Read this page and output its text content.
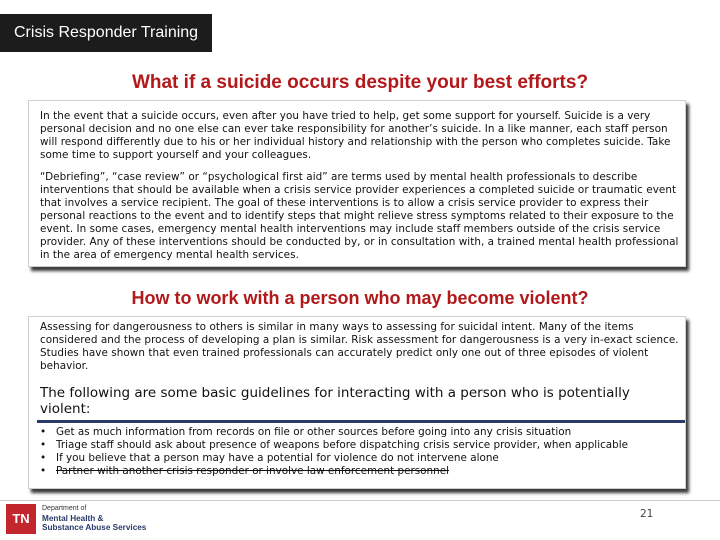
Crisis Responder Training

What if a suicide occurs despite your best efforts?

In the event that a suicide occurs, even after you have tried to help, get some support for yourself. Suicide is a very personal decision and no one else can ever take responsibility for another’s suicide. In a like manner, each staff person will respond differently due to his or her individual history and relationship with the person who completes suicide. Take some time to support yourself and your colleagues.

“Debriefing”, “case review” or “psychological first aid” are terms used by mental health professionals to describe interventions that should be available when a crisis service provider experiences a completed suicide or traumatic event that involves a service recipient. The goal of these interventions is to allow a crisis service provider to express their personal reactions to the event and to identify steps that might relieve stress symptoms related to their exposure to the event. In some cases, emergency mental health interventions may include staff members outside of the crisis service provider. Any of these interventions should be conducted by, or in consultation with, a trained mental health professional in the area of emergency mental health services.

How to work with a person who may become violent?

Assessing for dangerousness to others is similar in many ways to assessing for suicidal intent. Many of the items considered and the process of developing a plan is similar. Risk assessment for dangerousness is a very in-exact science. Studies have shown that even trained professionals can accurately predict only one out of three episodes of violent behavior.

The following are some basic guidelines for interacting with a person who is potentially violent:

• Get as much information from records on file or other sources before going into any crisis situation
• Triage staff should ask about presence of weapons before dispatching crisis service provider, when applicable
• If you believe that a person may have a potential for violence do not intervene alone
• Partner with another crisis responder or involve law enforcement personnel
TN
Department of
Mental Health &
Substance Abuse Services
21
